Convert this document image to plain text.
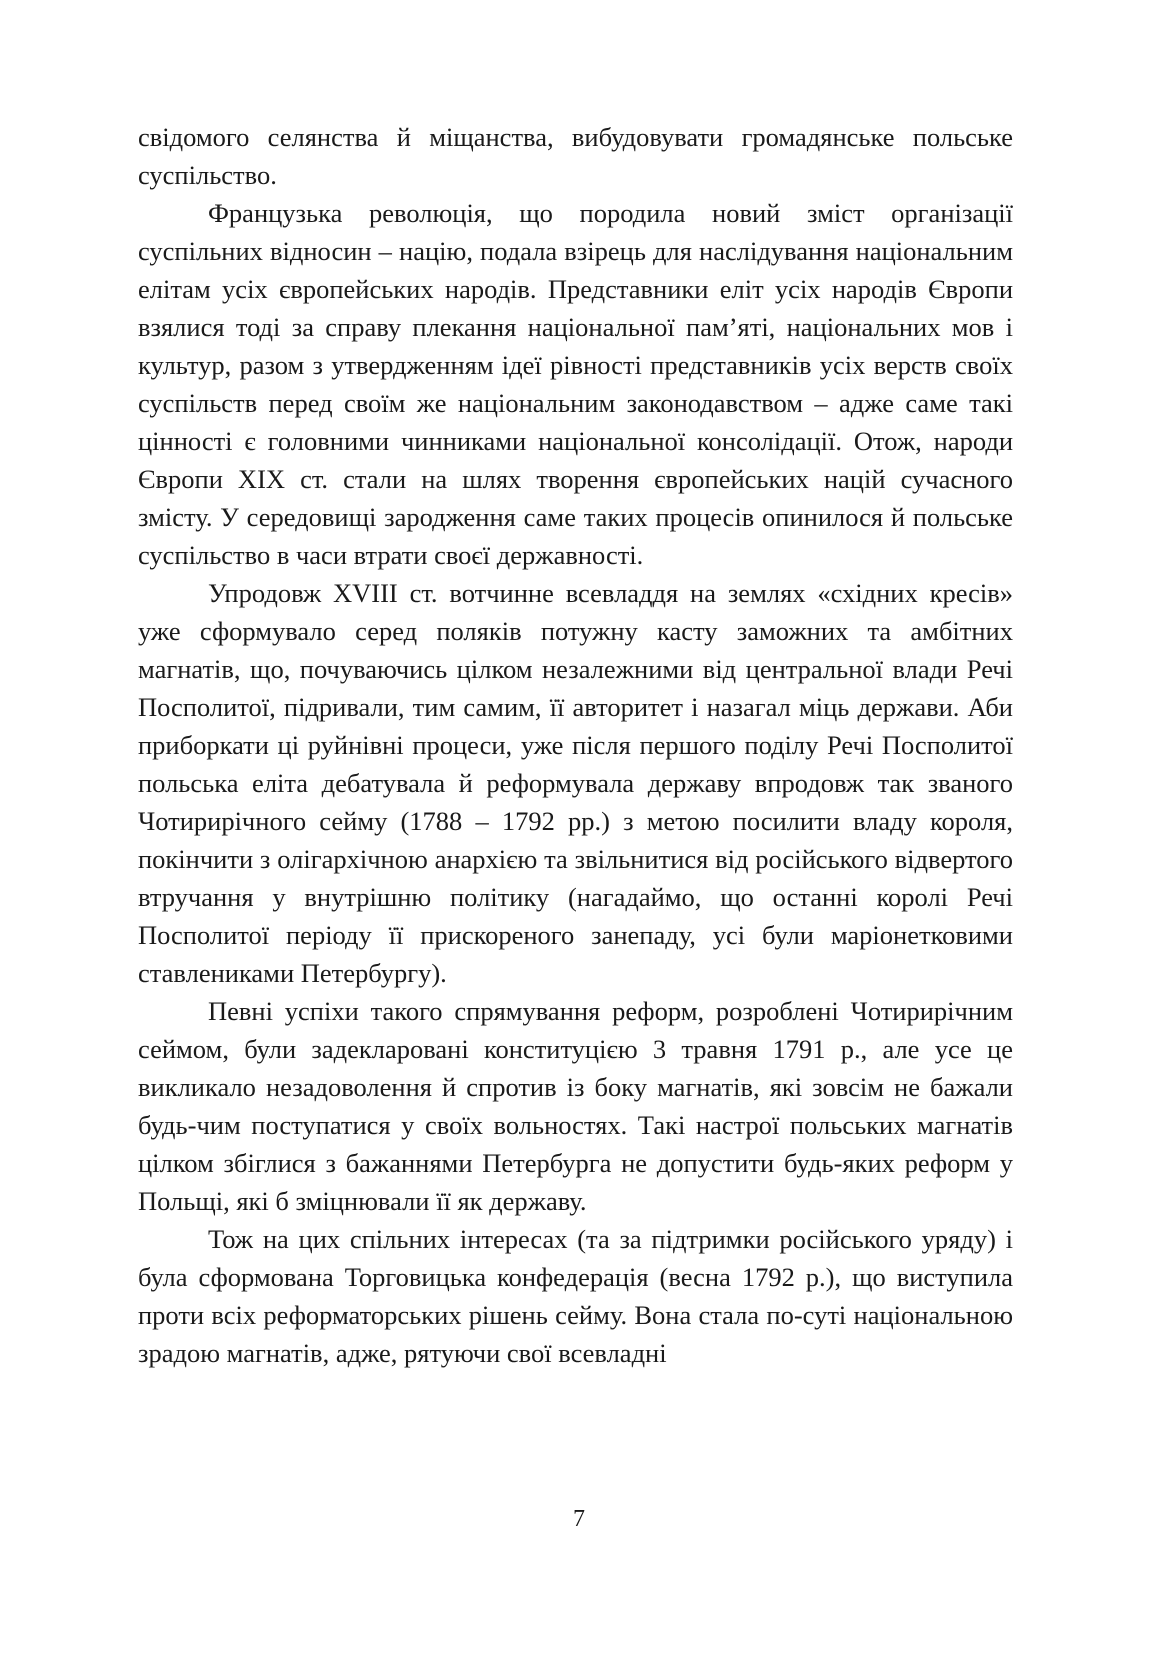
свідомого селянства й міщанства, вибудовувати громадянське польське суспільство.

Французька революція, що породила новий зміст організації суспільних відносин – націю, подала взірець для наслідування національним елітам усіх європейських народів. Представники еліт усіх народів Європи взялися тоді за справу плекання національної пам’яті, національних мов і культур, разом з утвердженням ідеї рівності представників усіх верств своїх суспільств перед своїм же національним законодавством – адже саме такі цінності є головними чинниками національної консолідації. Отож, народи Європи XIX ст. стали на шлях творення європейських націй сучасного змісту. У середовищі зародження саме таких процесів опинилося й польське суспільство в часи втрати своєї державності.

Упродовж XVIII ст. вотчинне всевладдя на землях «східних кресів» уже сформувало серед поляків потужну касту заможних та амбітних магнатів, що, почуваючись цілком незалежними від центральної влади Речі Посполитої, підривали, тим самим, її авторитет і назагал міць держави. Аби приборкати ці руйнівні процеси, уже після першого поділу Речі Посполитої польська еліта дебатувала й реформувала державу впродовж так званого Чотирирічного сейму (1788 – 1792 рр.) з метою посилити владу короля, покінчити з олігархічною анархією та звільнитися від російського відвертого втручання у внутрішню політику (нагадаймо, що останні королі Речі Посполитої періоду її прискореного занепаду, усі були маріонетковими ставлениками Петербургу).

Певні успіхи такого спрямування реформ, розроблені Чотирирічним сеймом, були задекларовані конституцією 3 травня 1791 р., але усе це викликало незадоволення й спротив із боку магнатів, які зовсім не бажали будь-чим поступатися у своїх вольностях. Такі настрої польських магнатів цілком збіглися з бажаннями Петербурга не допустити будь-яких реформ у Польщі, які б зміцнювали її як державу.

Тож на цих спільних інтересах (та за підтримки російського уряду) і була сформована Торговицька конфедерація (весна 1792 р.), що виступила проти всіх реформаторських рішень сейму. Вона стала по-суті національною зрадою магнатів, адже, рятуючи свої всевладні

7
